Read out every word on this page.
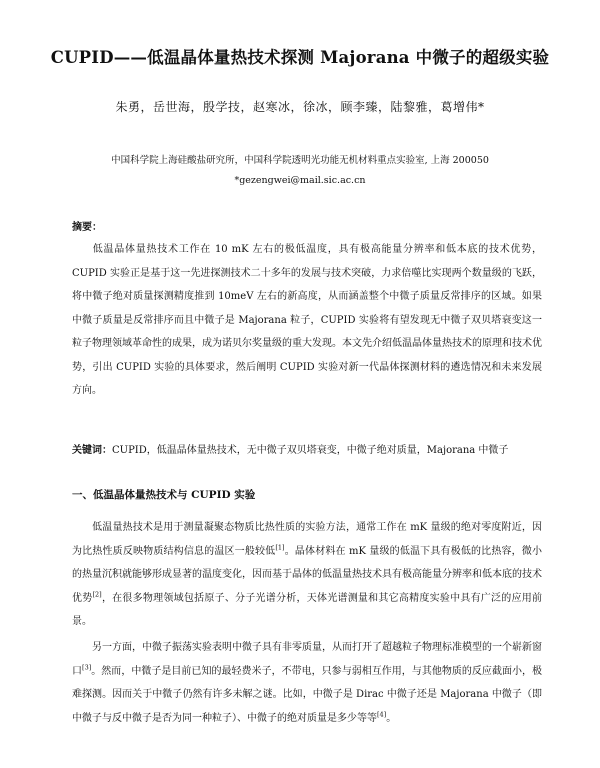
CUPID——低温晶体量热技术探测 Majorana 中微子的超级实验
朱勇，岳世海，殷学技，赵寒冰，徐冰，顾李臻，陆黎雅，葛增伟*
中国科学院上海硅酸盐研究所，中国科学院透明光功能无机材料重点实验室, 上海 200050
*gezengwei@mail.sic.ac.cn
摘要：
低温晶体量热技术工作在 10 mK 左右的极低温度，具有极高能量分辨率和低本底的技术优势，CUPID 实验正是基于这一先进探测技术二十多年的发展与技术突破，力求倍噬比实现两个数量级的飞跃，将中微子绝对质量探测精度推到 10meV 左右的新高度，从而涵盖整个中微子质量反常排序的区域。如果中微子质量是反常排序而且中微子是 Majorana 粒子，CUPID 实验将有望发现无中微子双贝塔衰变这一粒子物理领域革命性的成果，成为诺贝尔奖量级的重大发现。本文先介绍低温晶体量热技术的原理和技术优势，引出 CUPID 实验的具体要求，然后阐明 CUPID 实验对新一代晶体探测材料的遴选情况和未来发展方向。
关键词：CUPID，低温晶体量热技术，无中微子双贝塔衰变，中微子绝对质量，Majorana 中微子
一、低温晶体量热技术与 CUPID 实验
低温量热技术是用于测量凝聚态物质比热性质的实验方法，通常工作在 mK 量级的绝对零度附近，因为比热性质反映物质结构信息的温区一般较低[1]。晶体材料在 mK 量级的低温下具有极低的比热容，微小的热量沉积就能够形成显著的温度变化，因而基于晶体的低温量热技术具有极高能量分辨率和低本底的技术优势[2]，在很多物理领域包括原子、分子光谱分析，天体光谱测量和其它高精度实验中具有广泛的应用前景。
另一方面，中微子振荡实验表明中微子具有非零质量，从而打开了超越粒子物理标准模型的一个崭新窗口[3]。然而，中微子是目前已知的最轻费米子，不带电，只参与弱相互作用，与其他物质的反应截面小，极难探测。因而关于中微子仍然有许多未解之谜。比如，中微子是 Dirac 中微子还是 Majorana 中微子（即中微子与反中微子是否为同一种粒子）、中微子的绝对质量是多少等等[4]。
